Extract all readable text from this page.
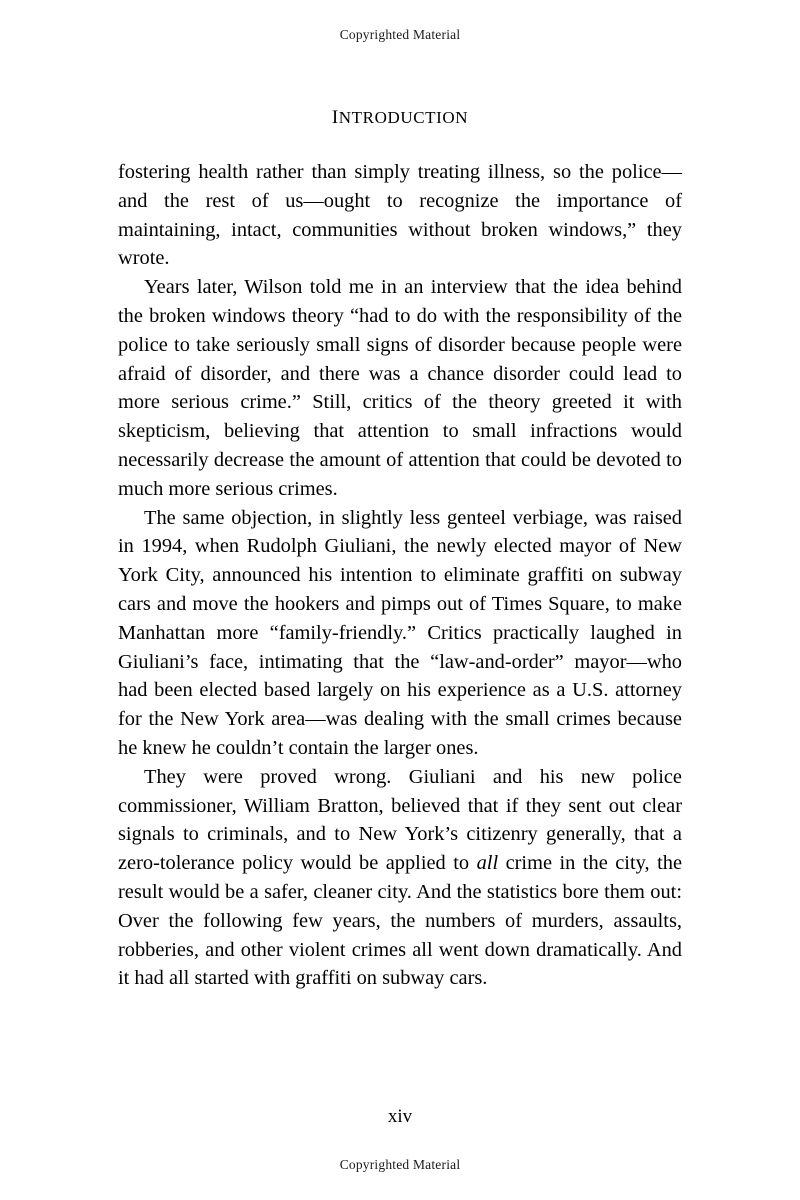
Copyrighted Material
INTRODUCTION

fostering health rather than simply treating illness, so the police—and the rest of us—ought to recognize the importance of maintaining, intact, communities without broken windows,” they wrote.

Years later, Wilson told me in an interview that the idea behind the broken windows theory “had to do with the responsibility of the police to take seriously small signs of disorder because people were afraid of disorder, and there was a chance disorder could lead to more serious crime.” Still, critics of the theory greeted it with skepticism, believing that attention to small infractions would necessarily decrease the amount of attention that could be devoted to much more serious crimes.

The same objection, in slightly less genteel verbiage, was raised in 1994, when Rudolph Giuliani, the newly elected mayor of New York City, announced his intention to eliminate graffiti on subway cars and move the hookers and pimps out of Times Square, to make Manhattan more “family-friendly.” Critics practically laughed in Giuliani’s face, intimating that the “law-and-order” mayor—who had been elected based largely on his experience as a U.S. attorney for the New York area—was dealing with the small crimes because he knew he couldn’t contain the larger ones.

They were proved wrong. Giuliani and his new police commissioner, William Bratton, believed that if they sent out clear signals to criminals, and to New York’s citizenry generally, that a zero-tolerance policy would be applied to all crime in the city, the result would be a safer, cleaner city. And the statistics bore them out: Over the following few years, the numbers of murders, assaults, robberies, and other violent crimes all went down dramatically. And it had all started with graffiti on subway cars.

xiv
Copyrighted Material
